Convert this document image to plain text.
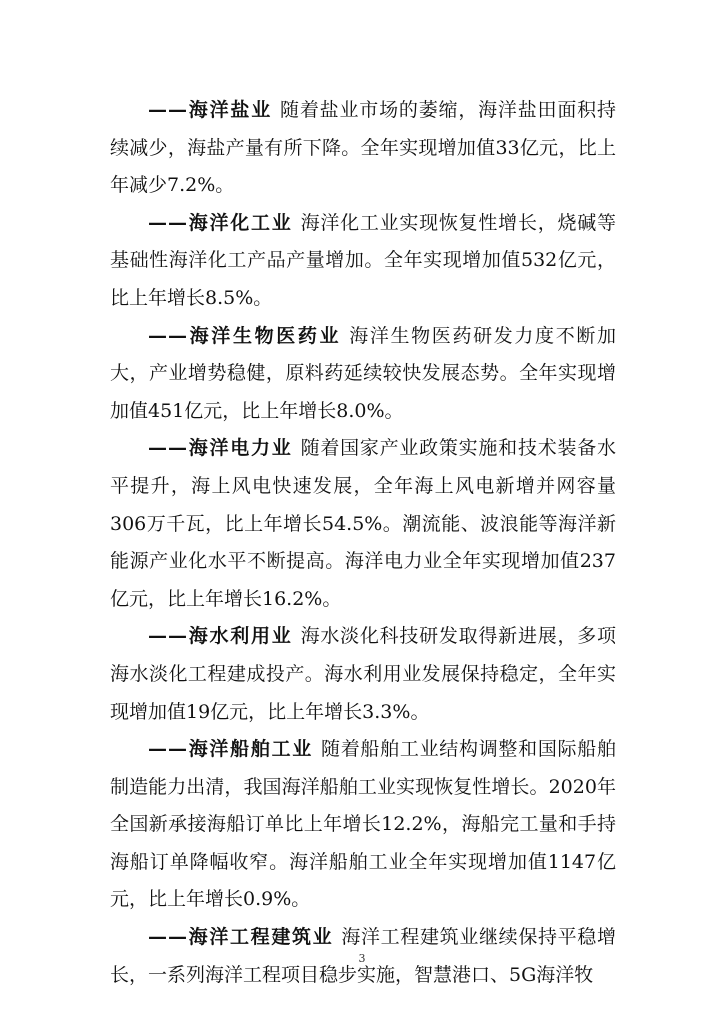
——海洋盐业 随着盐业市场的萎缩，海洋盐田面积持续减少，海盐产量有所下降。全年实现增加值33亿元，比上年减少7.2%。

——海洋化工业 海洋化工业实现恢复性增长，烧碱等基础性海洋化工产品产量增加。全年实现增加值532亿元，比上年增长8.5%。

——海洋生物医药业 海洋生物医药研发力度不断加大，产业增势稳健，原料药延续较快发展态势。全年实现增加值451亿元，比上年增长8.0%。

——海洋电力业 随着国家产业政策实施和技术装备水平提升，海上风电快速发展，全年海上风电新增并网容量306万千瓦，比上年增长54.5%。潮流能、波浪能等海洋新能源产业化水平不断提高。海洋电力业全年实现增加值237亿元，比上年增长16.2%。

——海水利用业 海水淡化科技研发取得新进展，多项海水淡化工程建成投产。海水利用业发展保持稳定，全年实现增加值19亿元，比上年增长3.3%。

——海洋船舶工业 随着船舶工业结构调整和国际船舶制造能力出清，我国海洋船舶工业实现恢复性增长。2020年全国新承接海船订单比上年增长12.2%，海船完工量和手持海船订单降幅收窄。海洋船舶工业全年实现增加值1147亿元，比上年增长0.9%。

——海洋工程建筑业 海洋工程建筑业继续保持平稳增长，一系列海洋工程项目稳步实施，智慧港口、5G海洋牧

3
